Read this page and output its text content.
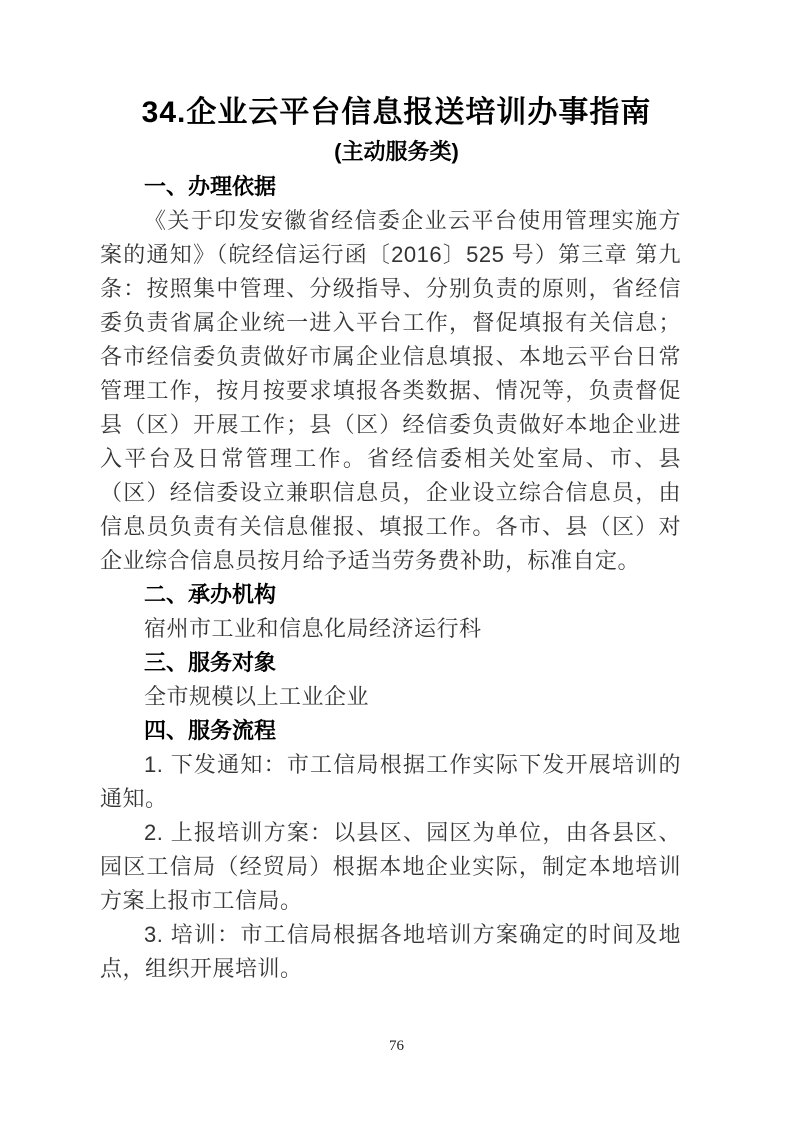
34.企业云平台信息报送培训办事指南
(主动服务类)
一、办理依据

《关于印发安徽省经信委企业云平台使用管理实施方案的通知》（皖经信运行函〔2016〕525 号）第三章 第九条：按照集中管理、分级指导、分别负责的原则，省经信委负责省属企业统一进入平台工作，督促填报有关信息；各市经信委负责做好市属企业信息填报、本地云平台日常管理工作，按月按要求填报各类数据、情况等，负责督促县（区）开展工作；县（区）经信委负责做好本地企业进入平台及日常管理工作。省经信委相关处室局、市、县（区）经信委设立兼职信息员，企业设立综合信息员，由信息员负责有关信息催报、填报工作。各市、县（区）对企业综合信息员按月给予适当劳务费补助，标准自定。

二、承办机构

宿州市工业和信息化局经济运行科

三、服务对象

全市规模以上工业企业

四、服务流程

1. 下发通知：市工信局根据工作实际下发开展培训的通知。

2. 上报培训方案：以县区、园区为单位，由各县区、园区工信局（经贸局）根据本地企业实际，制定本地培训方案上报市工信局。

3. 培训：市工信局根据各地培训方案确定的时间及地点，组织开展培训。

76
